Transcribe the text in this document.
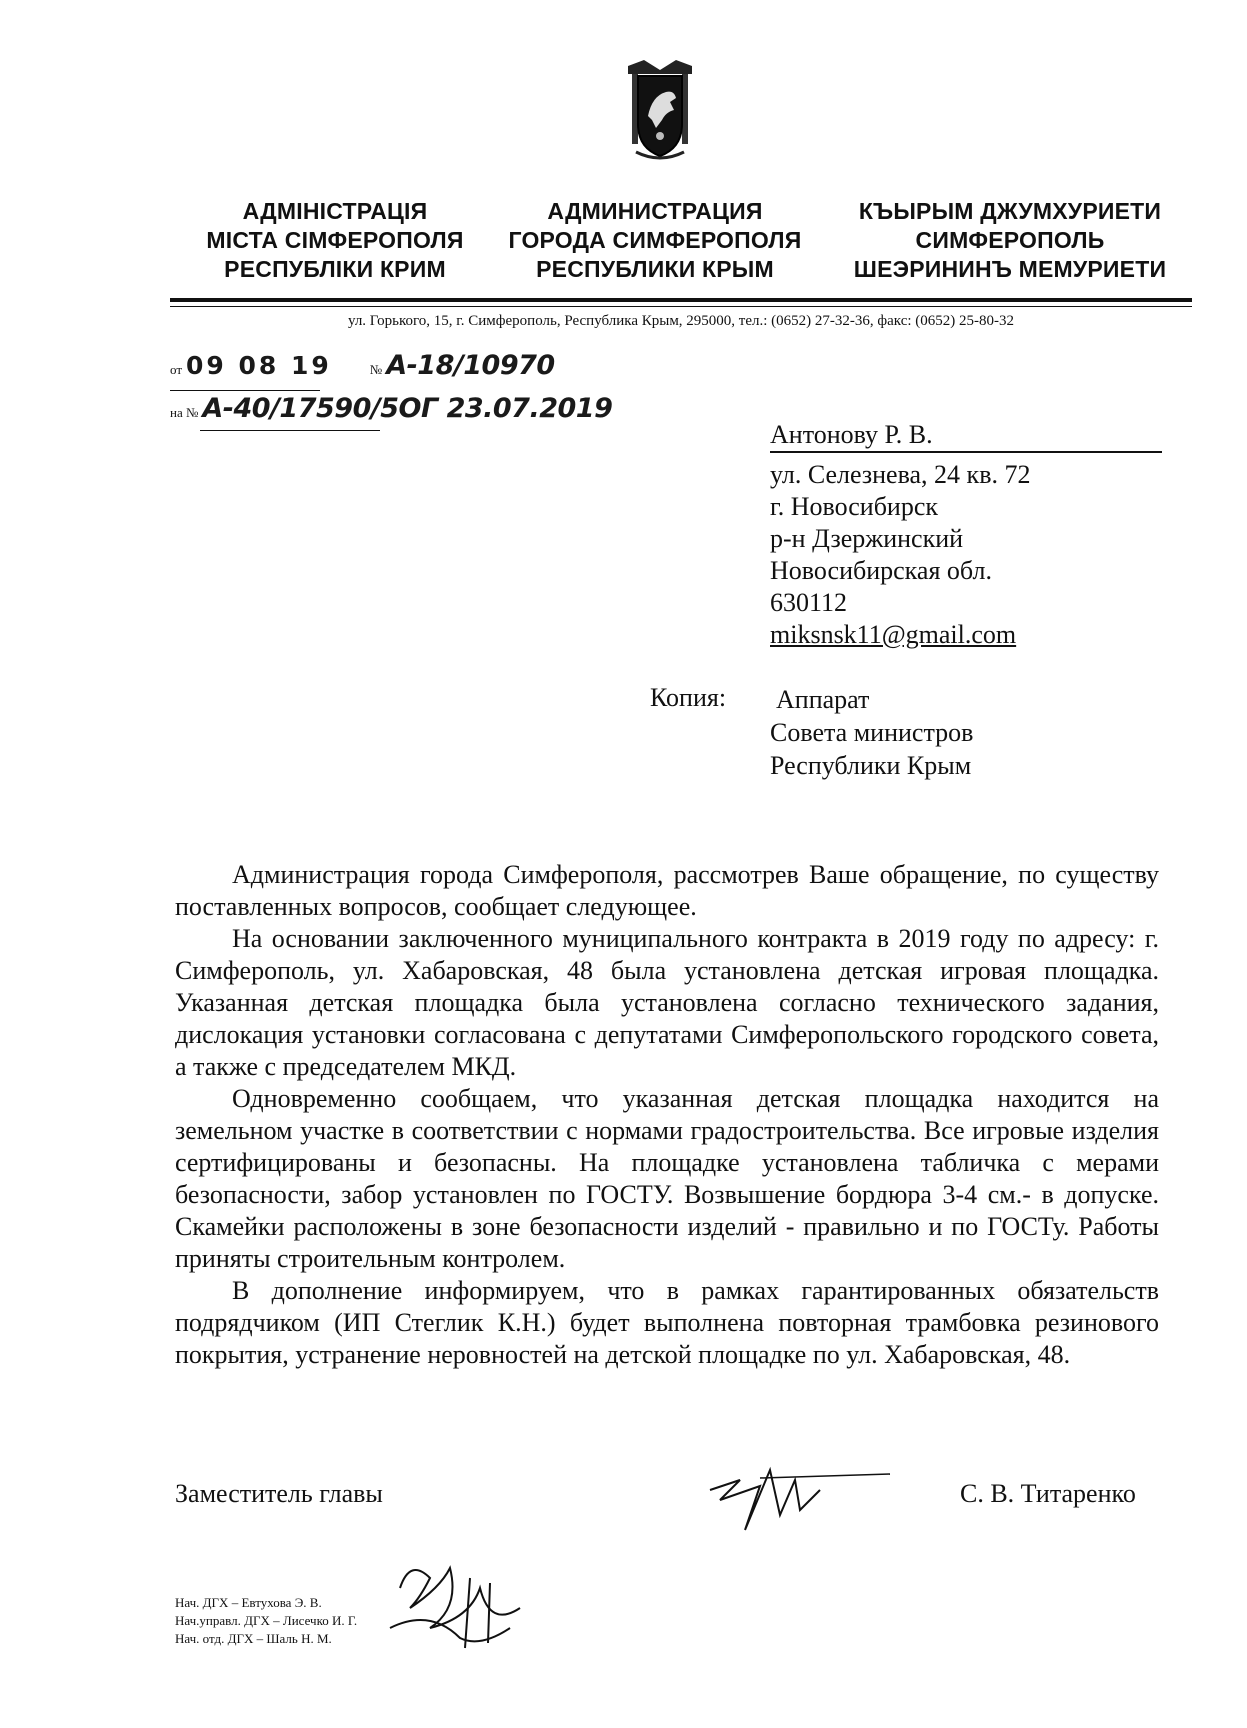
АДМІНІСТРАЦІЯ
МІСТА СІМФЕРОПОЛЯ
РЕСПУБЛІКИ КРИМ
АДМИНИСТРАЦИЯ
ГОРОДА СИМФЕРОПОЛЯ
РЕСПУБЛИКИ КРЫМ
КЪЫРЫМ ДЖУМХУРИЕТИ
СИМФЕРОПОЛЬ
ШЕЭРИНИНЪ МЕМУРИЕТИ
ул. Горького, 15, г. Симферополь, Республика Крым, 295000, тел.: (0652) 27-32-36, факс: (0652) 25-80-32
от 09 08 19	№ А-18/10970
на № А-40/17590/5ОГ 23.07.2019
Антонову Р. В.
ул. Селезнева, 24 кв. 72
г. Новосибирск
р-н Дзержинский
Новосибирская обл.
630112
miksnsk11@gmail.com
Копия: Аппарат
Совета министров
Республики Крым

Администрация города Симферополя, рассмотрев Ваше обращение, по существу поставленных вопросов, сообщает следующее.

На основании заключенного муниципального контракта в 2019 году по адресу: г. Симферополь, ул. Хабаровская, 48 была установлена детская игровая площадка. Указанная детская площадка была установлена согласно технического задания, дислокация установки согласована с депутатами Симферопольского городского совета, а также с председателем МКД.

Одновременно сообщаем, что указанная детская площадка находится на земельном участке в соответствии с нормами градостроительства. Все игровые изделия сертифицированы и безопасны. На площадке установлена табличка с мерами безопасности, забор установлен по ГОСТУ. Возвышение бордюра 3-4 см.- в допуске. Скамейки расположены в зоне безопасности изделий - правильно и по ГОСТу. Работы приняты строительным контролем.

В дополнение информируем, что в рамках гарантированных обязательств подрядчиком (ИП Стеглик К.Н.) будет выполнена повторная трамбовка резинового покрытия, устранение неровностей на детской площадке по ул. Хабаровская, 48.

Заместитель главы	С. В. Титаренко
Нач. ДГХ – Евтухова Э. В.
Нач.управл. ДГХ – Лисечко И. Г.
Нач. отд. ДГХ – Шаль Н. М.
